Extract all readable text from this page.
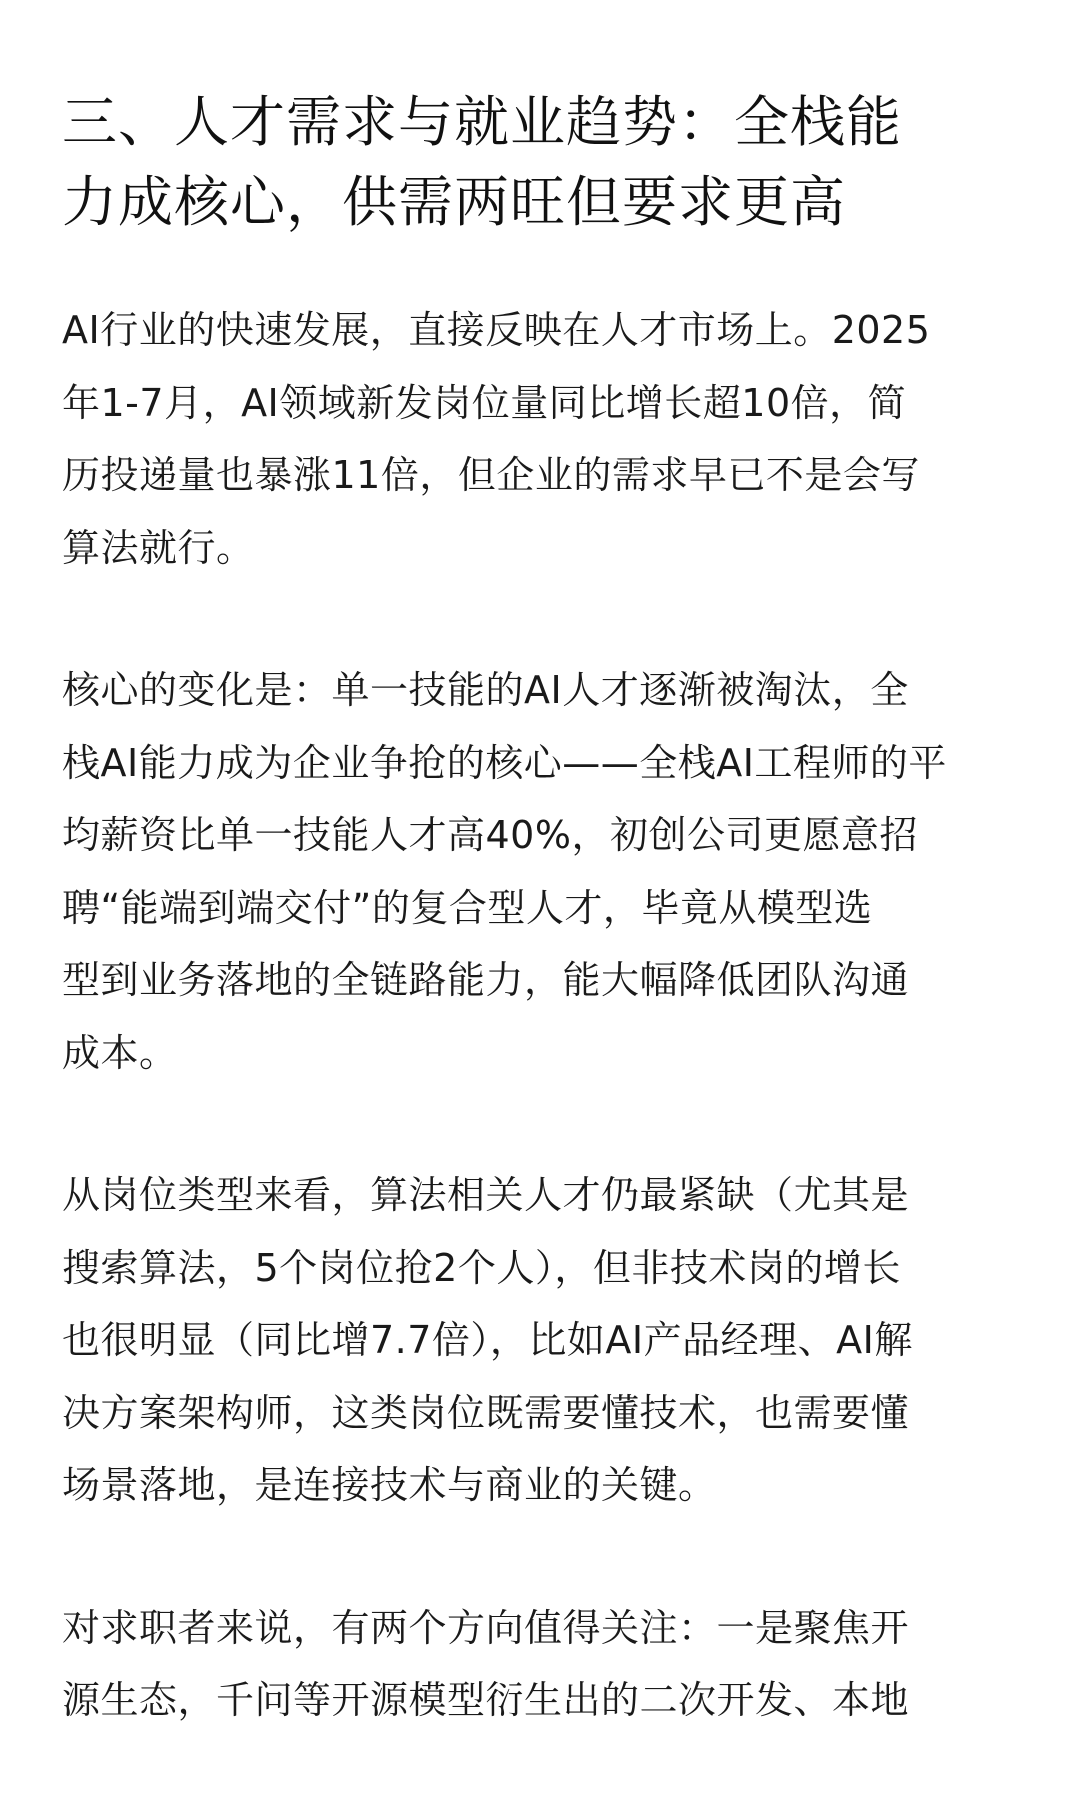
三、人才需求与就业趋势：全栈能
力成核心，供需两旺但要求更高

AI行业的快速发展，直接反映在人才市场上。2025
年1-7月，AI领域新发岗位量同比增长超10倍，简
历投递量也暴涨11倍，但企业的需求早已不是会写
算法就行。

核心的变化是：单一技能的AI人才逐渐被淘汰，全
栈AI能力成为企业争抢的核心——全栈AI工程师的平
均薪资比单一技能人才高40%，初创公司更愿意招
聘“能端到端交付”的复合型人才，毕竟从模型选
型到业务落地的全链路能力，能大幅降低团队沟通
成本。

从岗位类型来看，算法相关人才仍最紧缺（尤其是
搜索算法，5个岗位抢2个人），但非技术岗的增长
也很明显（同比增7.7倍），比如AI产品经理、AI解
决方案架构师，这类岗位既需要懂技术，也需要懂
场景落地，是连接技术与商业的关键。

对求职者来说，有两个方向值得关注：一是聚焦开
源生态，千问等开源模型衍生出的二次开发、本地
